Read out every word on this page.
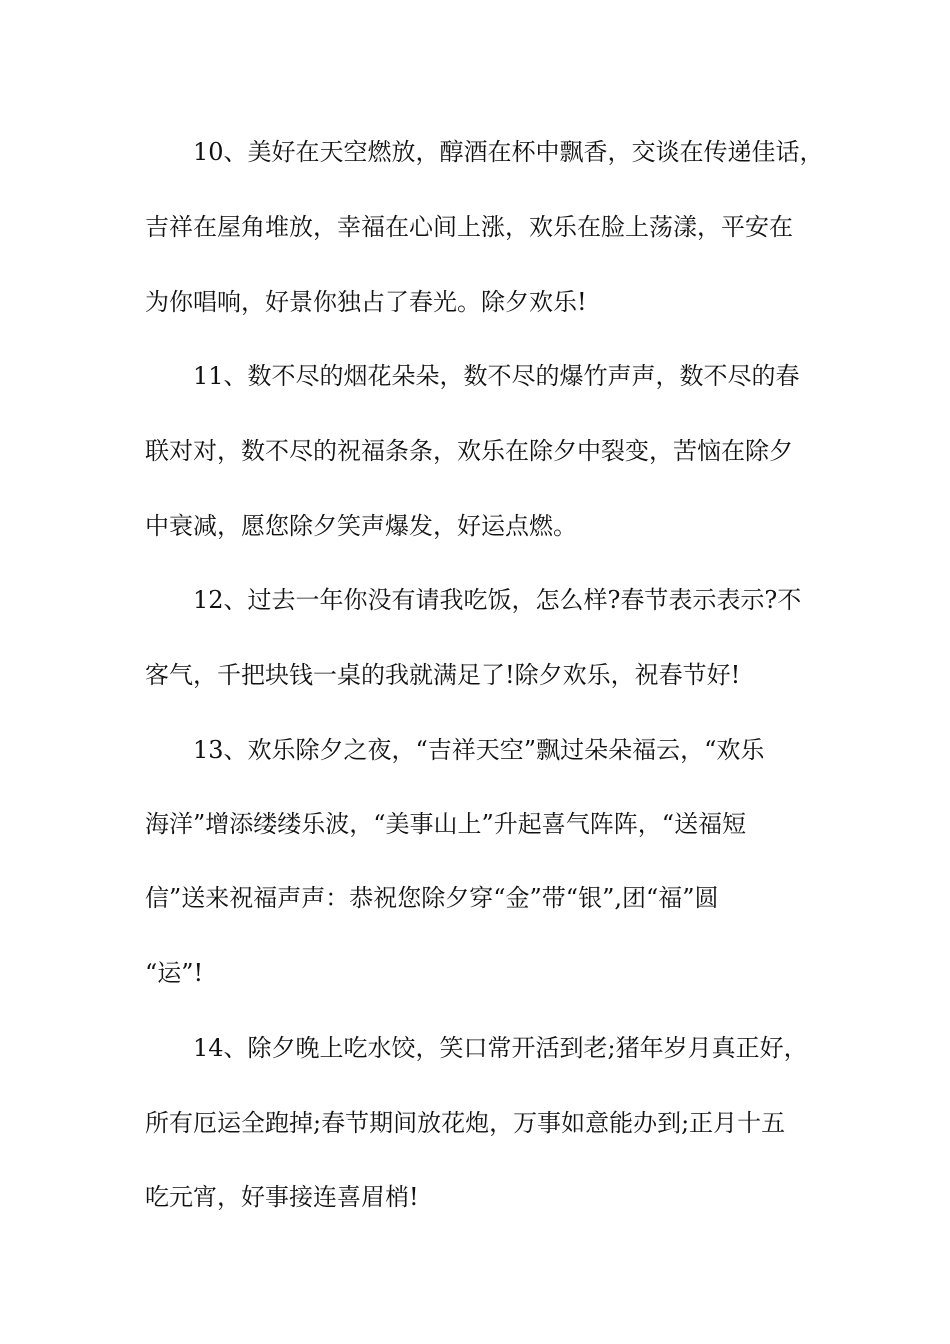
10、美好在天空燃放，醇酒在杯中飘香，交谈在传递佳话，
吉祥在屋角堆放，幸福在心间上涨，欢乐在脸上荡漾，平安在
为你唱响，好景你独占了春光。除夕欢乐!
11、数不尽的烟花朵朵，数不尽的爆竹声声，数不尽的春
联对对，数不尽的祝福条条，欢乐在除夕中裂变，苦恼在除夕
中衰减，愿您除夕笑声爆发，好运点燃。
12、过去一年你没有请我吃饭，怎么样?春节表示表示?不
客气，千把块钱一桌的我就满足了!除夕欢乐，祝春节好!
13、欢乐除夕之夜，“吉祥天空”飘过朵朵福云，“欢乐
海洋”增添缕缕乐波，“美事山上”升起喜气阵阵，“送福短
信”送来祝福声声：恭祝您除夕穿“金”带“银”,团“福”圆
“运”!
14、除夕晚上吃水饺，笑口常开活到老;猪年岁月真正好，
所有厄运全跑掉;春节期间放花炮，万事如意能办到;正月十五
吃元宵，好事接连喜眉梢!
